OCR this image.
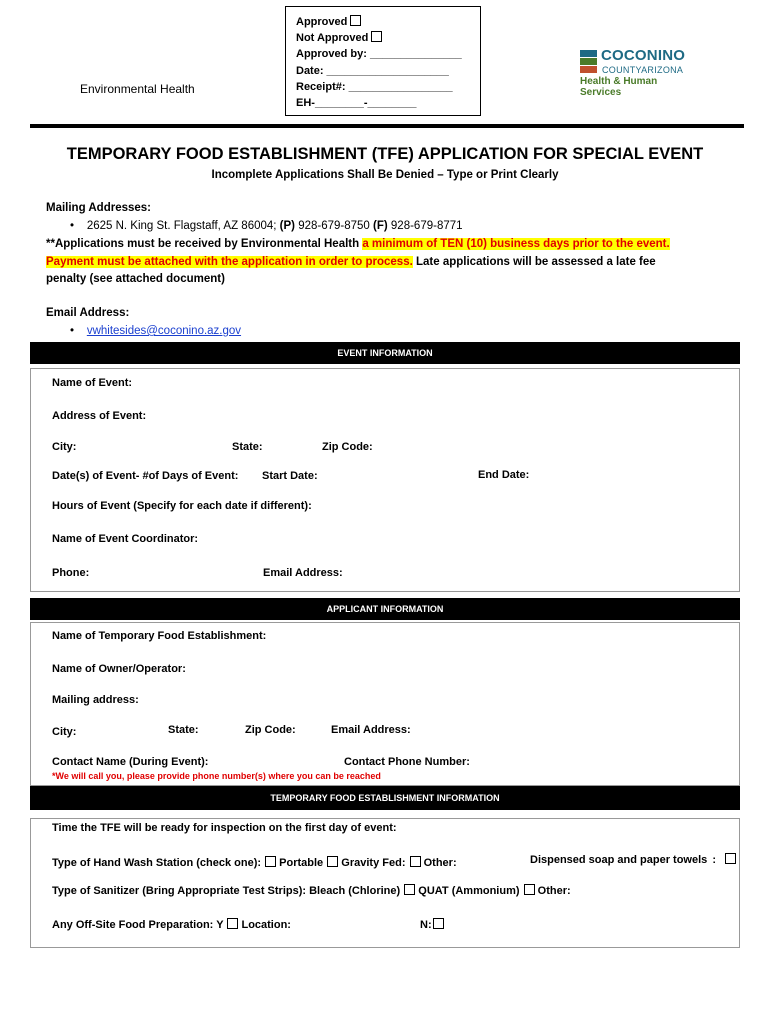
Approved
Not Approved
Approved by: _______________
Date: ____________________
Receipt#: _________________
EH-________-________
Environmental Health
COCONINO
COUNTYARIZONA
Health & Human Services
TEMPORARY FOOD ESTABLISHMENT (TFE) APPLICATION FOR SPECIAL EVENT
Incomplete Applications Shall Be Denied – Type or Print Clearly
Mailing Addresses:
• 2625 N. King St. Flagstaff, AZ 86004; (P) 928-679-8750 (F) 928-679-8771
**Applications must be received by Environmental Health a minimum of TEN (10) business days prior to the event.
Payment must be attached with the application in order to process. Late applications will be assessed a late fee
penalty (see attached document)
Email Address:
• vwhitesides@coconino.az.gov
EVENT INFORMATION
Name of Event:
Address of Event:
City:	State:	Zip Code:
Date(s) of Event- #of Days of Event: Start Date:	End Date:
Hours of Event (Specify for each date if different):
Name of Event Coordinator:
Phone:	Email Address:
APPLICANT INFORMATION
Name of Temporary Food Establishment:
Name of Owner/Operator:
Mailing address:
City:	State:	Zip Code:	Email Address:
Contact Name (During Event):	Contact Phone Number:
*We will call you, please provide phone number(s) where you can be reached
TEMPORARY FOOD ESTABLISHMENT INFORMATION
Time the TFE will be ready for inspection on the first day of event:
Type of Hand Wash Station (check one): Portable Gravity Fed: Other:	Dispensed soap and paper towels :
Type of Sanitizer (Bring Appropriate Test Strips): Bleach (Chlorine) QUAT (Ammonium) Other:
Any Off-Site Food Preparation: Y Location:	N:
